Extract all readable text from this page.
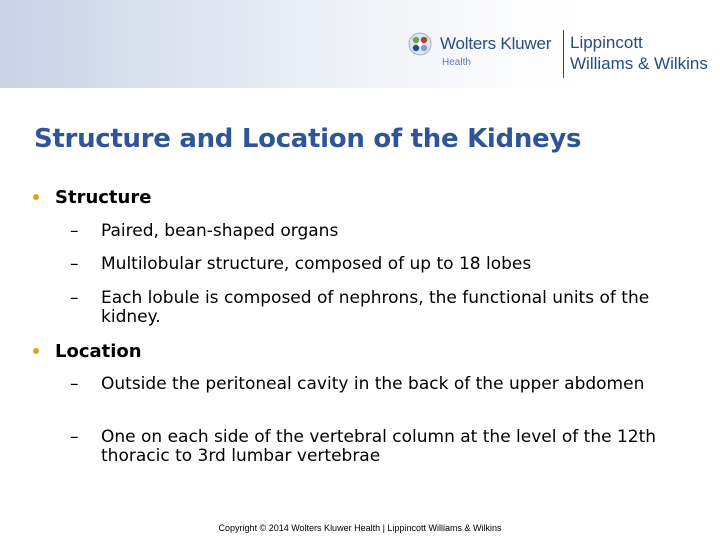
Wolters Kluwer
Health
Lippincott
Williams & Wilkins
Structure and Location of the Kidneys
Structure
– Paired, bean-shaped organs
– Multilobular structure, composed of up to 18 lobes
– Each lobule is composed of nephrons, the functional units of the kidney.
Location
– Outside the peritoneal cavity in the back of the upper abdomen
– One on each side of the vertebral column at the level of the 12th thoracic to 3rd lumbar vertebrae
Copyright © 2014 Wolters Kluwer Health | Lippincott Williams & Wilkins
